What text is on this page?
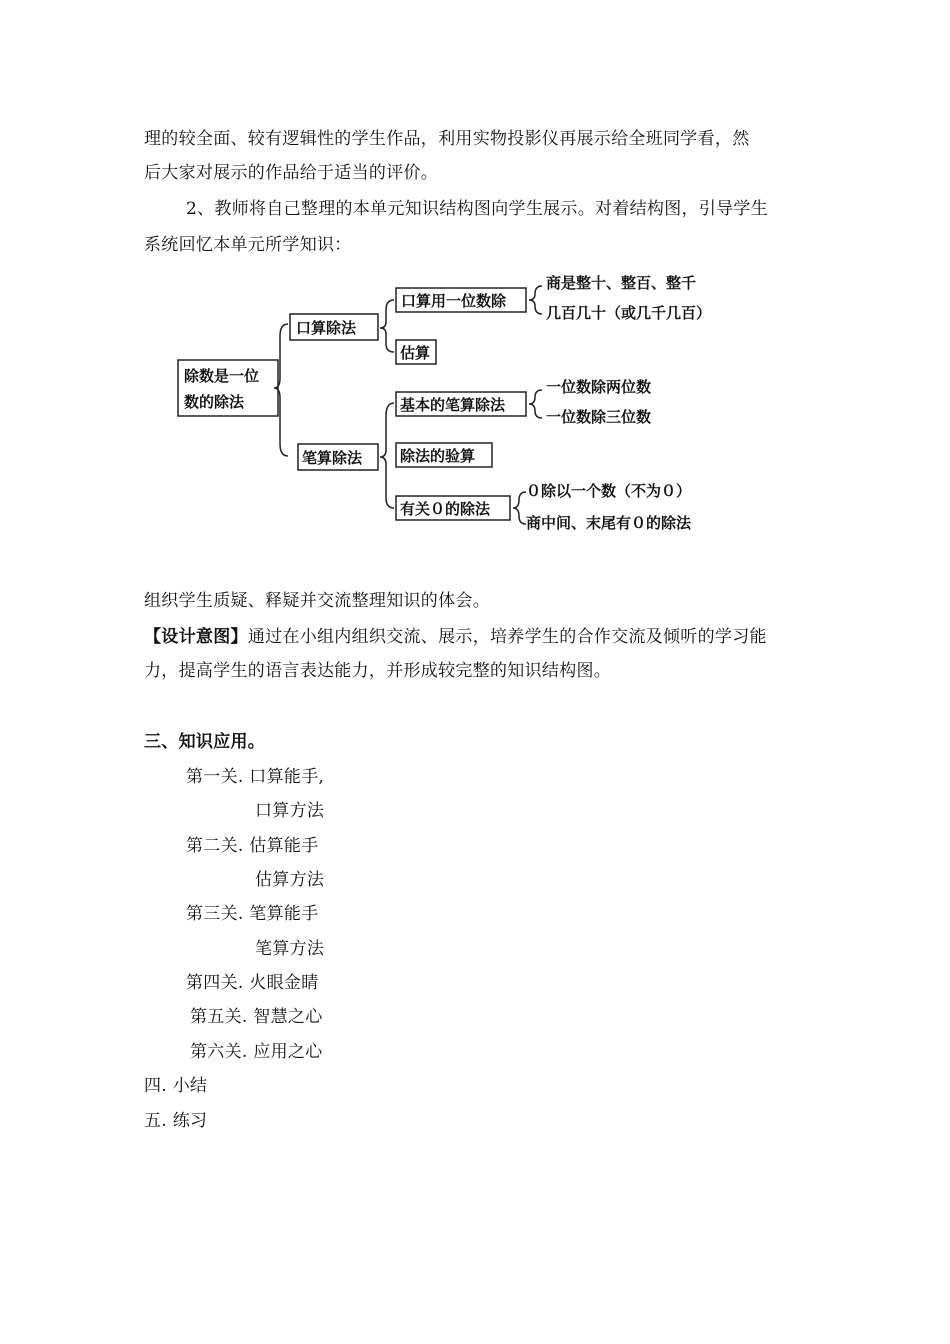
理的较全面、较有逻辑性的学生作品，利用实物投影仪再展示给全班同学看，然
后大家对展示的作品给于适当的评价。
2、教师将自己整理的本单元知识结构图向学生展示。对着结构图，引导学生
系统回忆本单元所学知识：
除数是一位
数的除法
口算除法
口算用一位数除
商是整十、整百、整千
几百几十（或几千几百）
估算
笔算除法
基本的笔算除法
一位数除两位数
一位数除三位数
除法的验算
有关０的除法
０除以一个数（不为０）
商中间、末尾有０的除法
组织学生质疑、释疑并交流整理知识的体会。
【设计意图】通过在小组内组织交流、展示，培养学生的合作交流及倾听的学习能
力，提高学生的语言表达能力，并形成较完整的知识结构图。
三、知识应用。
第一关. 口算能手,
口算方法
第二关. 估算能手
估算方法
第三关. 笔算能手
笔算方法
第四关. 火眼金睛
第五关. 智慧之心
第六关. 应用之心
四. 小结
五. 练习
